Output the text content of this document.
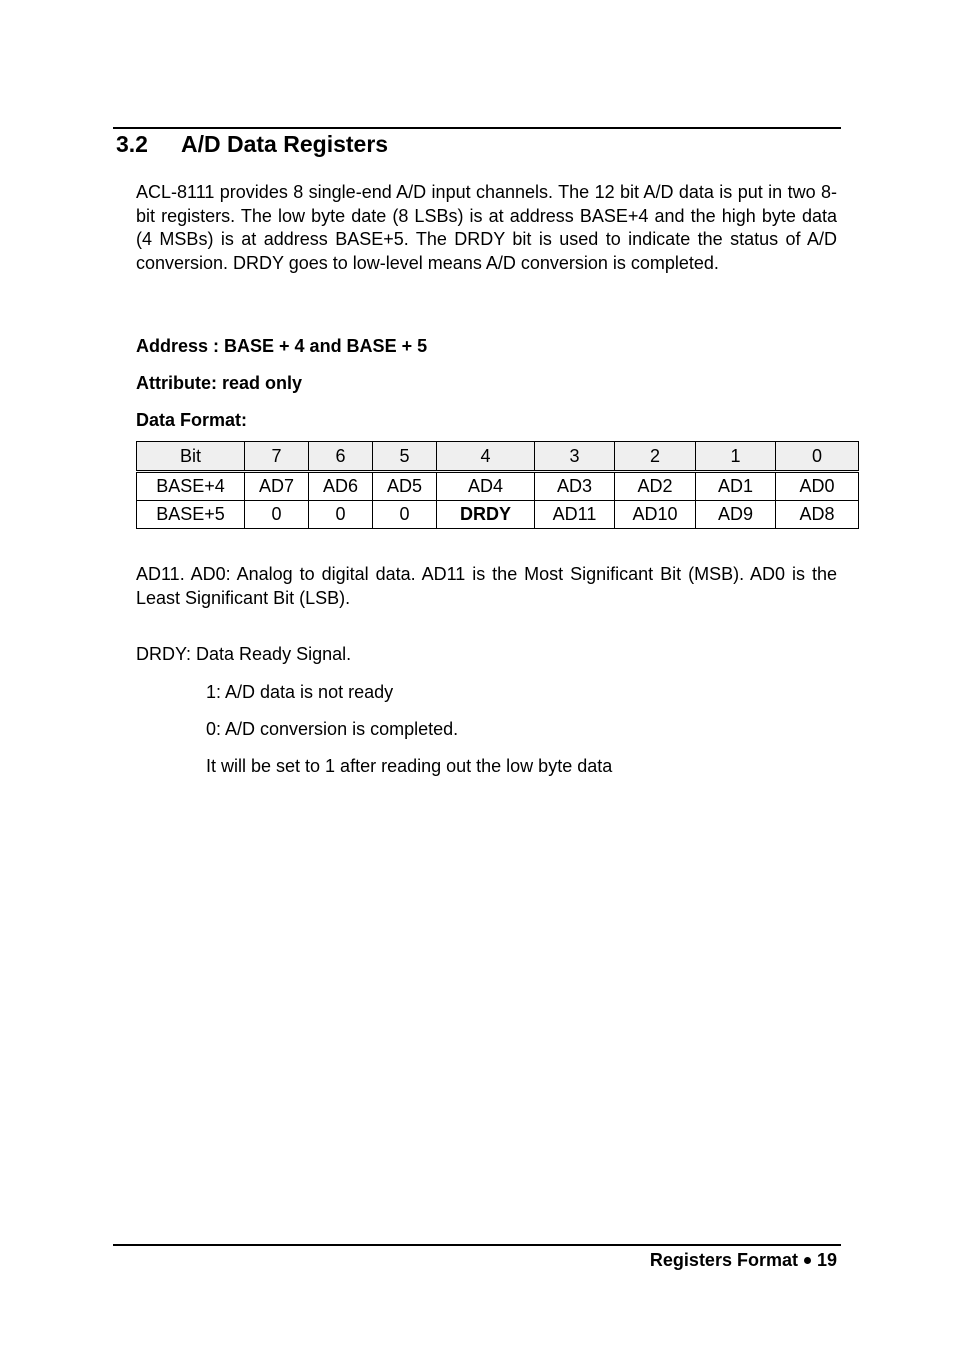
3.2 A/D Data Registers

ACL-8111 provides 8 single-end A/D input channels. The 12 bit A/D data is put in two 8-bit registers. The low byte date (8 LSBs) is at address BASE+4 and the high byte data (4 MSBs) is at address BASE+5. The DRDY bit is used to indicate the status of A/D conversion. DRDY goes to low-level means A/D conversion is completed.

Address : BASE + 4 and BASE + 5
Attribute: read only
Data Format:
Bit	7	6	5	4	3	2	1	0
BASE+4	AD7	AD6	AD5	AD4	AD3	AD2	AD1	AD0
BASE+5	0	0	0	DRDY	AD11	AD10	AD9	AD8

AD11. AD0: Analog to digital data. AD11 is the Most Significant Bit (MSB). AD0 is the Least Significant Bit (LSB).

DRDY: Data Ready Signal.
1: A/D data is not ready
0: A/D conversion is completed.
It will be set to 1 after reading out the low byte data
Registers Format 19
